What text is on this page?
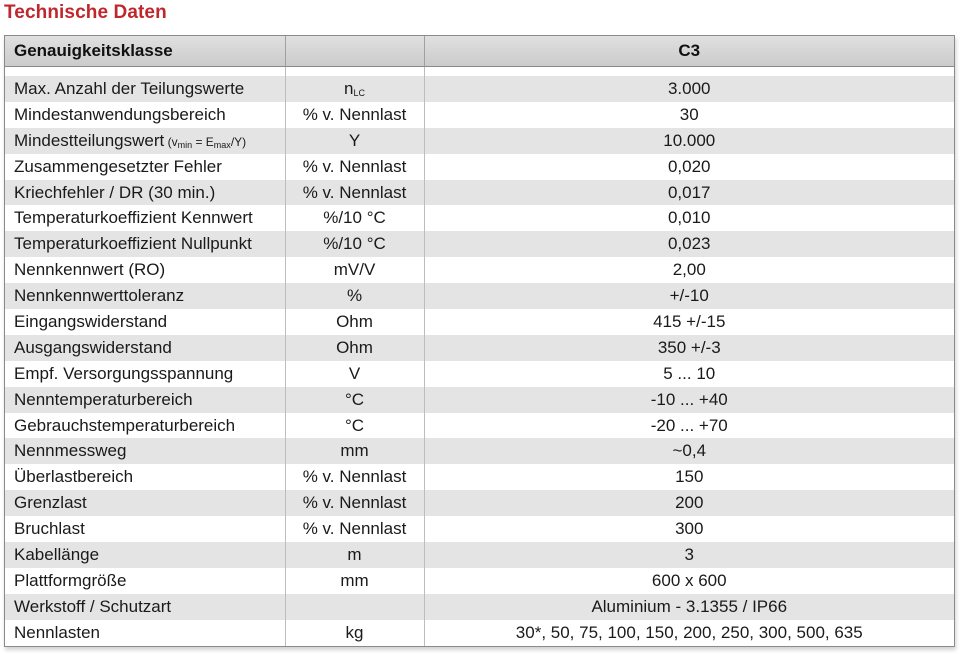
Technische Daten
Genauigkeitsklasse		C3

Max. Anzahl der Teilungswerte	$n_{LC}$	3.000
Mindestanwendungsbereich	% v. Nennlast	30
Mindestteilungswert $(v_{min} = E_{max}/Y)$	Y	10.000
Zusammengesetzter Fehler	% v. Nennlast	0,020
Kriechfehler / DR (30 min.)	% v. Nennlast	0,017
Temperaturkoeffizient Kennwert	%/10 °C	0,010
Temperaturkoeffizient Nullpunkt	%/10 °C	0,023
Nennkennwert (RO)	mV/V	2,00
Nennkennwerttoleranz	%	+/-10
Eingangswiderstand	Ohm	415 +/-15
Ausgangswiderstand	Ohm	350 +/-3
Empf. Versorgungsspannung	V	5 ... 10
Nenntemperaturbereich	°C	-10 ... +40
Gebrauchstemperaturbereich	°C	-20 ... +70
Nennmessweg	mm	~0,4
Überlastbereich	% v. Nennlast	150
Grenzlast	% v. Nennlast	200
Bruchlast	% v. Nennlast	300
Kabellänge	m	3
Plattformgröße	mm	600 x 600
Werkstoff / Schutzart		Aluminium - 3.1355 / IP66
Nennlasten	kg	30*, 50, 75, 100, 150, 200, 250, 300, 500, 635
